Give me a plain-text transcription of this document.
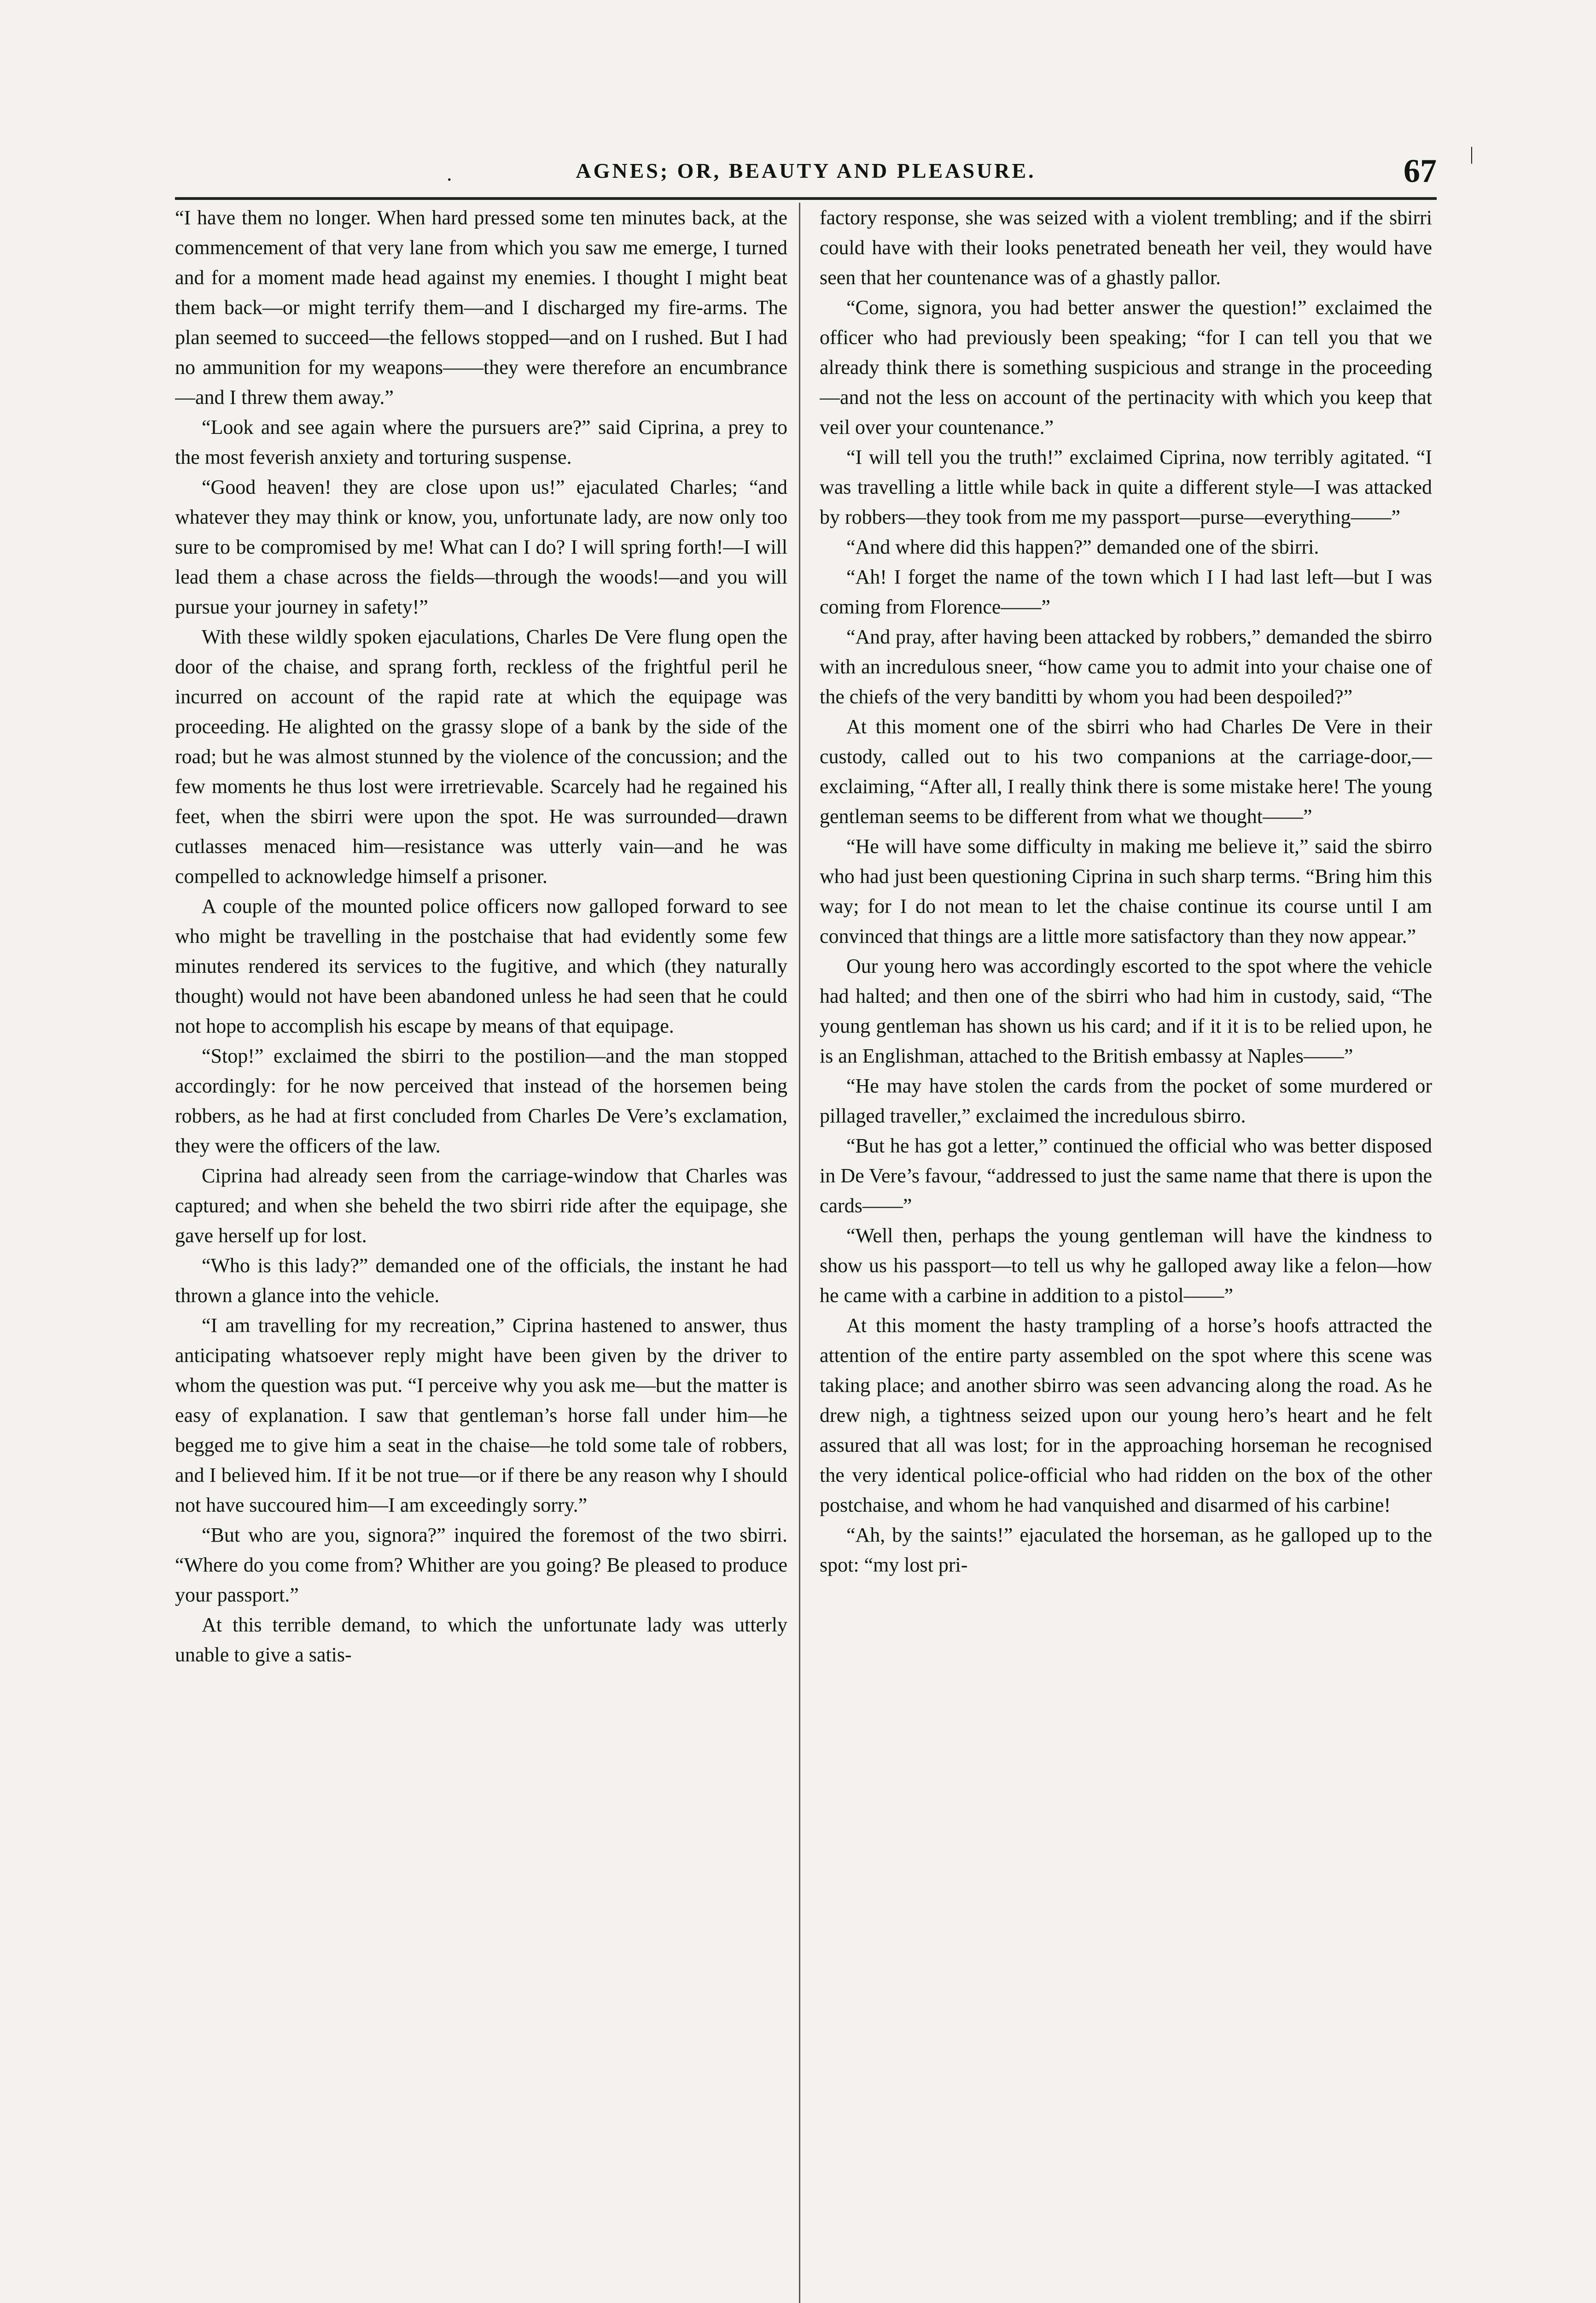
.	AGNES; OR, BEAUTY AND PLEASURE.	67 |

“I have them no longer. When hard pressed some ten minutes back, at the commencement of that very lane from which you saw me emerge, I turned and for a moment made head against my enemies. I thought I might beat them back—or might terrify them—and I discharged my fire-arms. The plan seemed to succeed—the fellows stopped—and on I rushed. But I had no ammunition for my weapons——they were therefore an encumbrance—and I threw them away.”

“Look and see again where the pursuers are?” said Ciprina, a prey to the most feverish anxiety and torturing suspense.

“Good heaven! they are close upon us!” ejaculated Charles; “and whatever they may think or know, you, unfortunate lady, are now only too sure to be compromised by me! What can I do? I will spring forth!—I will lead them a chase across the fields—through the woods!—and you will pursue your journey in safety!”

With these wildly spoken ejaculations, Charles De Vere flung open the door of the chaise, and sprang forth, reckless of the frightful peril he incurred on account of the rapid rate at which the equipage was proceeding. He alighted on the grassy slope of a bank by the side of the road; but he was almost stunned by the violence of the concussion; and the few moments he thus lost were irretrievable. Scarcely had he regained his feet, when the sbirri were upon the spot. He was surrounded—drawn cutlasses menaced him—resistance was utterly vain—and he was compelled to acknowledge himself a prisoner.

A couple of the mounted police officers now galloped forward to see who might be travelling in the postchaise that had evidently some few minutes rendered its services to the fugitive, and which (they naturally thought) would not have been abandoned unless he had seen that he could not hope to accomplish his escape by means of that equipage.

“Stop!” exclaimed the sbirri to the postilion—and the man stopped accordingly: for he now perceived that instead of the horsemen being robbers, as he had at first concluded from Charles De Vere’s exclamation, they were the officers of the law.

Ciprina had already seen from the carriage-window that Charles was captured; and when she beheld the two sbirri ride after the equipage, she gave herself up for lost.

“Who is this lady?” demanded one of the officials, the instant he had thrown a glance into the vehicle.

“I am travelling for my recreation,” Ciprina hastened to answer, thus anticipating whatsoever reply might have been given by the driver to whom the question was put. “I perceive why you ask me—but the matter is easy of explanation. I saw that gentleman’s horse fall under him—he begged me to give him a seat in the chaise—he told some tale of robbers, and I believed him. If it be not true—or if there be any reason why I should not have succoured him—I am exceedingly sorry.”

“But who are you, signora?” inquired the foremost of the two sbirri. “Where do you come from? Whither are you going? Be pleased to produce your passport.”

At this terrible demand, to which the unfortunate lady was utterly unable to give a satis-

factory response, she was seized with a violent trembling; and if the sbirri could have with their looks penetrated beneath her veil, they would have seen that her countenance was of a ghastly pallor.

“Come, signora, you had better answer the question!” exclaimed the officer who had previously been speaking; “for I can tell you that we already think there is something suspicious and strange in the proceeding—and not the less on account of the pertinacity with which you keep that veil over your countenance.”

“I will tell you the truth!” exclaimed Ciprina, now terribly agitated. “I was travelling a little while back in quite a different style—I was attacked by robbers—they took from me my passport—purse—everything——”

“And where did this happen?” demanded one of the sbirri.

“Ah! I forget the name of the town which I I had last left—but I was coming from Florence——”

“And pray, after having been attacked by robbers,” demanded the sbirro with an incredulous sneer, “how came you to admit into your chaise one of the chiefs of the very banditti by whom you had been despoiled?”

At this moment one of the sbirri who had Charles De Vere in their custody, called out to his two companions at the carriage-door,—exclaiming, “After all, I really think there is some mistake here! The young gentleman seems to be different from what we thought——”

“He will have some difficulty in making me believe it,” said the sbirro who had just been questioning Ciprina in such sharp terms. “Bring him this way; for I do not mean to let the chaise continue its course until I am convinced that things are a little more satisfactory than they now appear.”

Our young hero was accordingly escorted to the spot where the vehicle had halted; and then one of the sbirri who had him in custody, said, “The young gentleman has shown us his card; and if it it is to be relied upon, he is an Englishman, attached to the British embassy at Naples——”

“He may have stolen the cards from the pocket of some murdered or pillaged traveller,” exclaimed the incredulous sbirro.

“But he has got a letter,” continued the official who was better disposed in De Vere’s favour, “addressed to just the same name that there is upon the cards——”

“Well then, perhaps the young gentleman will have the kindness to show us his passport—to tell us why he galloped away like a felon—how he came with a carbine in addition to a pistol——”

At this moment the hasty trampling of a horse’s hoofs attracted the attention of the entire party assembled on the spot where this scene was taking place; and another sbirro was seen advancing along the road. As he drew nigh, a tightness seized upon our young hero’s heart and he felt assured that all was lost; for in the approaching horseman he recognised the very identical police-official who had ridden on the box of the other postchaise, and whom he had vanquished and disarmed of his carbine!

“Ah, by the saints!” ejaculated the horseman, as he galloped up to the spot: “my lost pri-
